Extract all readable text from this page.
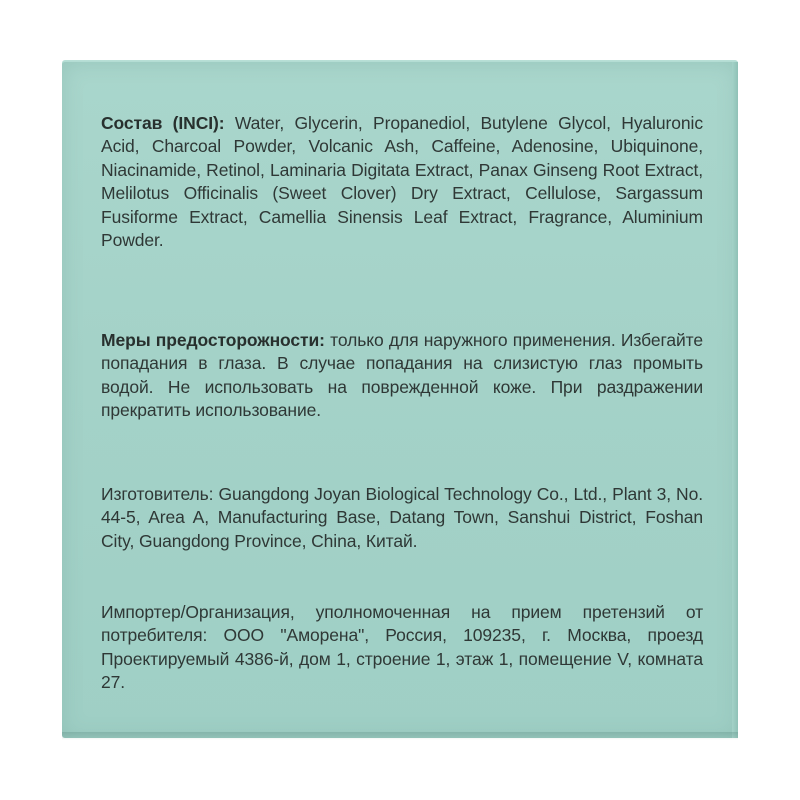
Состав (INCI): Water, Glycerin, Propanediol, Butylene Glycol, Hyaluronic Acid, Charcoal Powder, Volcanic Ash, Caffeine, Adenosine, Ubiquinone, Niacinamide, Retinol, Laminaria Digitata Extract, Panax Ginseng Root Extract, Melilotus Officinalis (Sweet Clover) Dry Extract, Cellulose, Sargassum Fusiforme Extract, Camellia Sinensis Leaf Extract, Fragrance, Aluminium Powder.
Меры предосторожности: только для наружного применения. Избегайте попадания в глаза. В случае попадания на слизистую глаз промыть водой. Не использовать на поврежденной коже. При раздражении прекратить использование.
Изготовитель: Guangdong Joyan Biological Technology Co., Ltd., Plant 3, No. 44-5, Area A, Manufacturing Base, Datang Town, Sanshui District, Foshan City, Guangdong Province, China, Китай.
Импортер/Организация, уполномоченная на прием претензий от потребителя: ООО "Аморена", Россия, 109235, г. Москва, проезд Проектируемый 4386-й, дом 1, строение 1, этаж 1, помещение V, комната 27.
